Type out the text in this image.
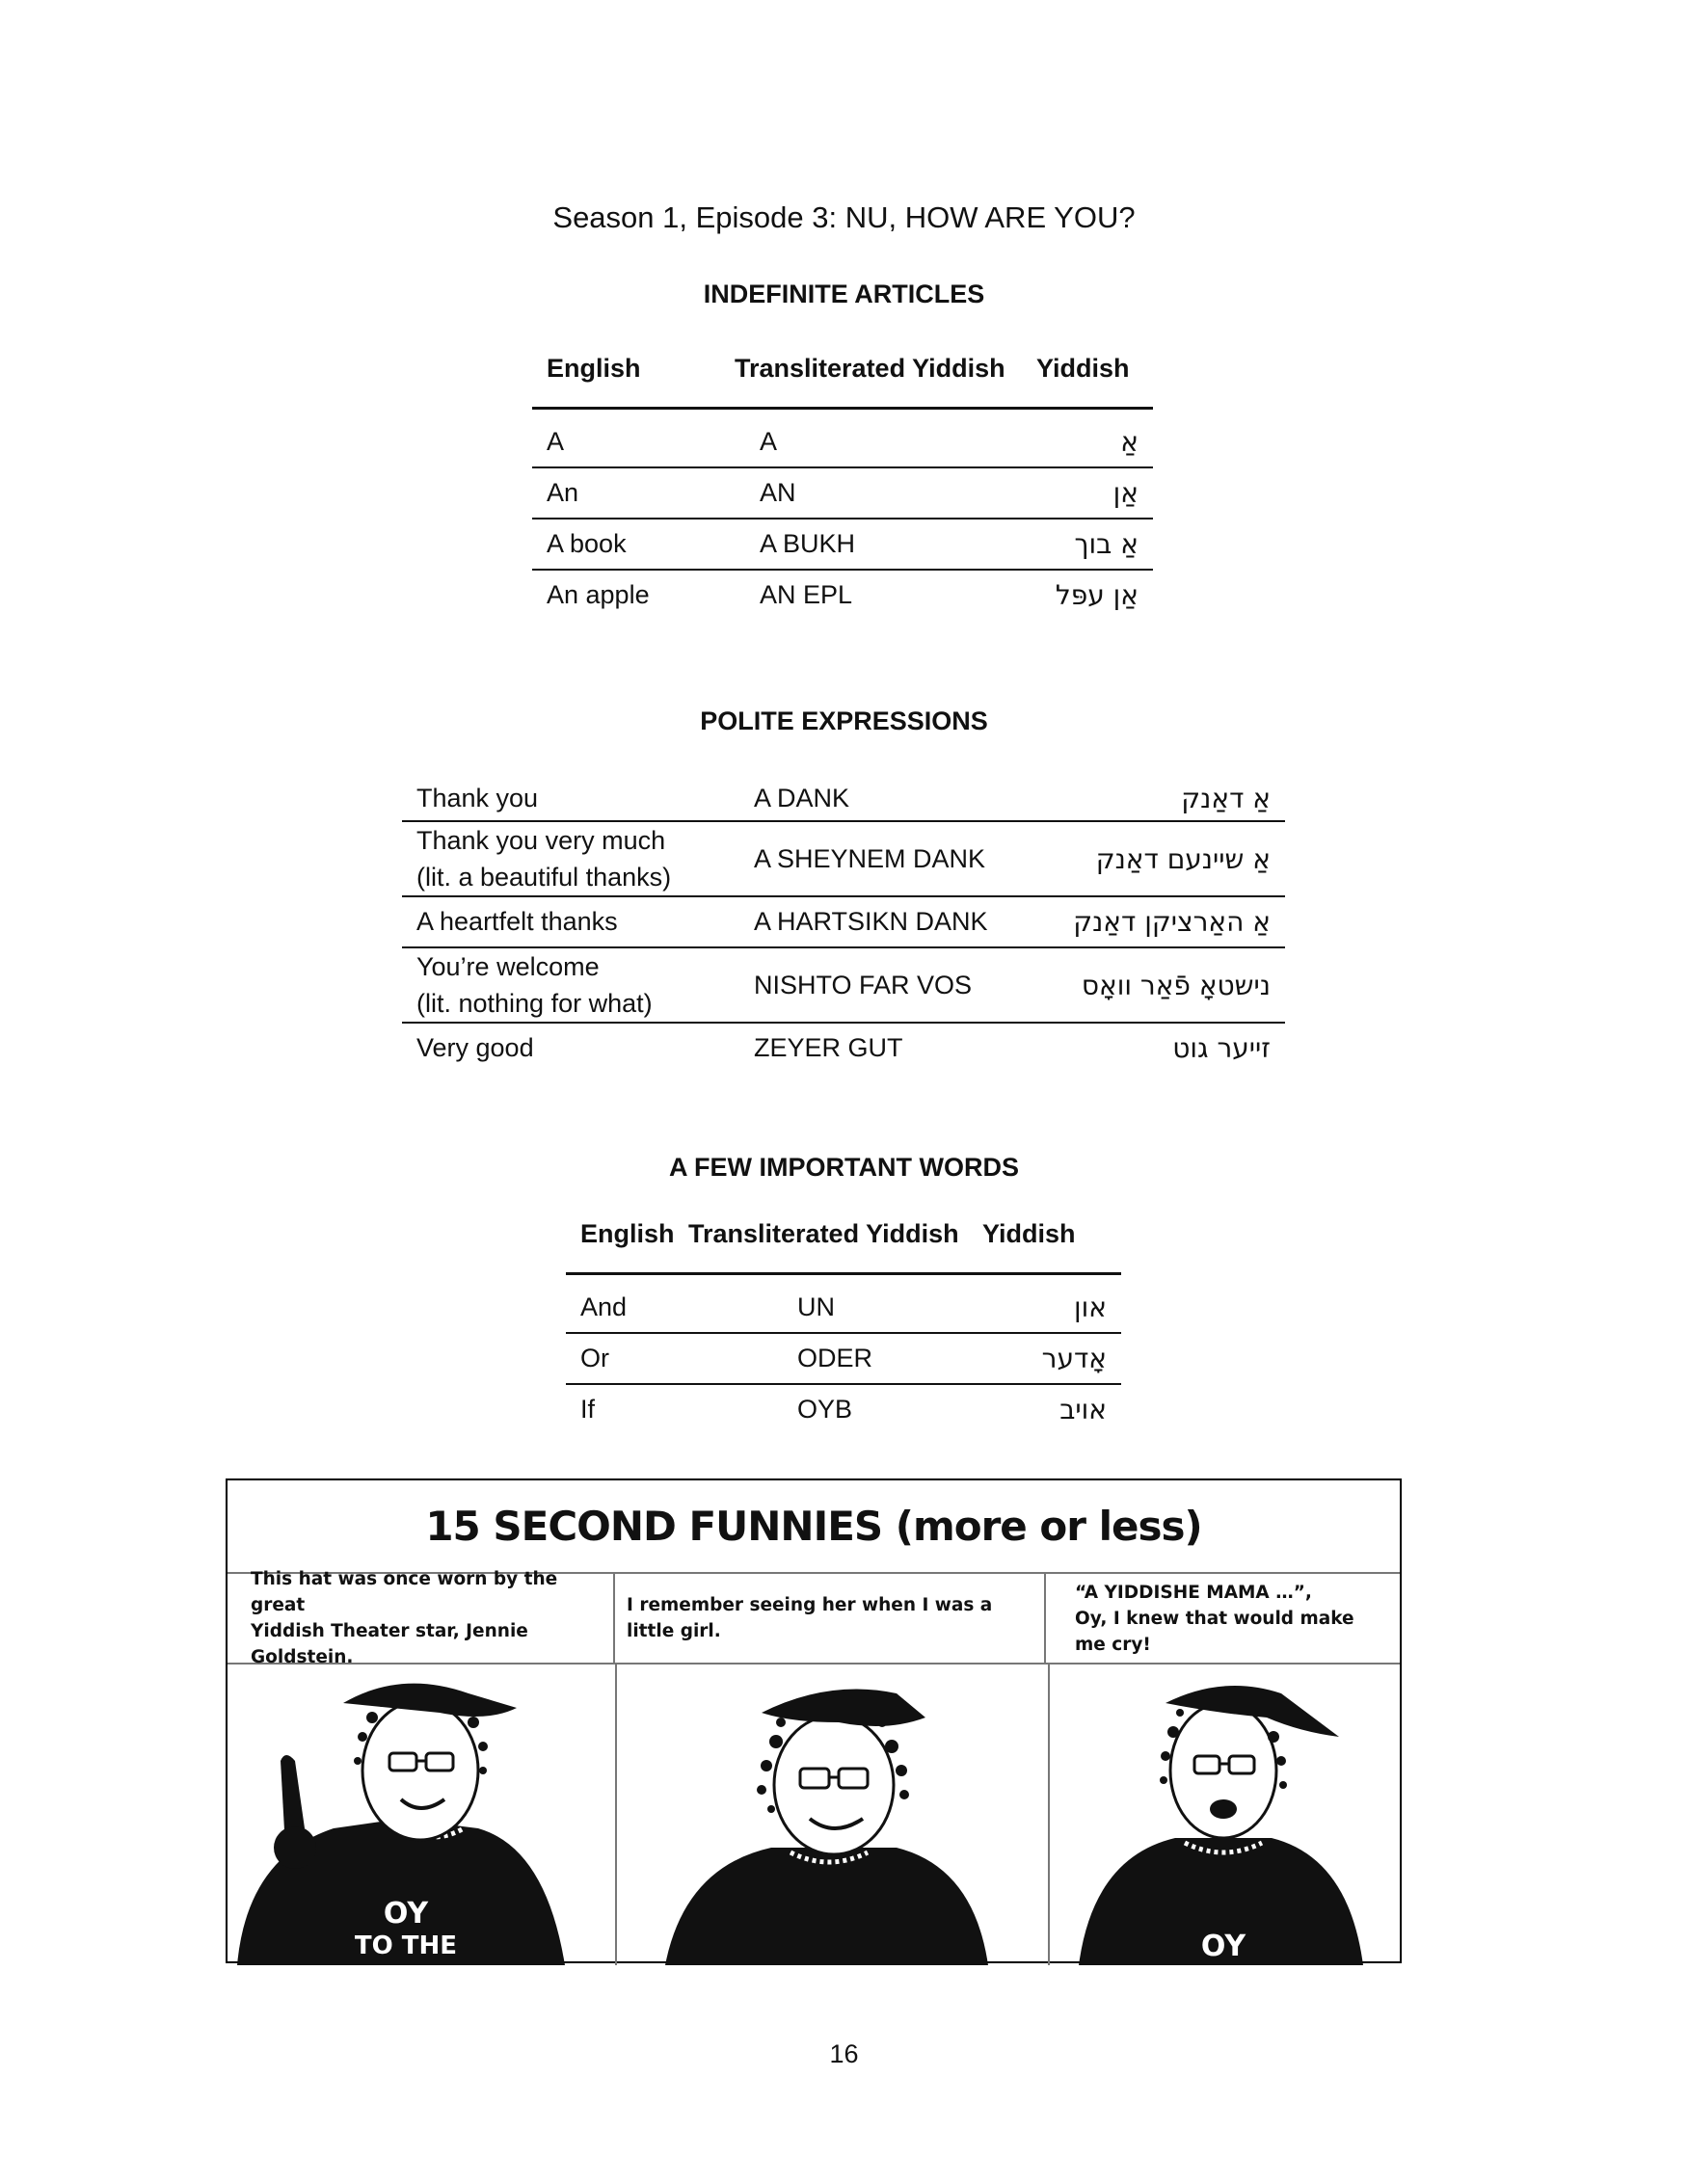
Season 1, Episode 3: NU, HOW ARE YOU?
INDEFINITE ARTICLES
English	Transliterated Yiddish	Yiddish

A	A	אַ
An	AN	אַן
A book	A BUKH	אַ בוך
An apple	AN EPL	אַן עפּל
POLITE EXPRESSIONS
Thank you	A DANK	אַ דאַנק

Thank you very much
(lit. a beautiful thanks)	A SHEYNEM DANK	אַ שיינעם דאַנק
A heartfelt thanks	A HARTSIKN DANK	אַ האַרציקן דאַנק

You’re welcome
(lit. nothing for what)	NISHTO FAR VOS	נישטאָ פֿאַר וואָס
Very good	ZEYER GUT	זייער גוט
A FEW IMPORTANT WORDS
English	Transliterated Yiddish	Yiddish

And	UN	און
Or	ODER	אָדער
If	OYB	אויב
15 SECOND FUNNIES (more or less)
This hat was once worn by the great
Yiddish Theater star, Jennie Goldstein.
I remember seeing her when I was a little girl.
“A YIDDISHE MAMA …”,
Oy, I knew that would make me cry!
OY
TO THE	OY
16
